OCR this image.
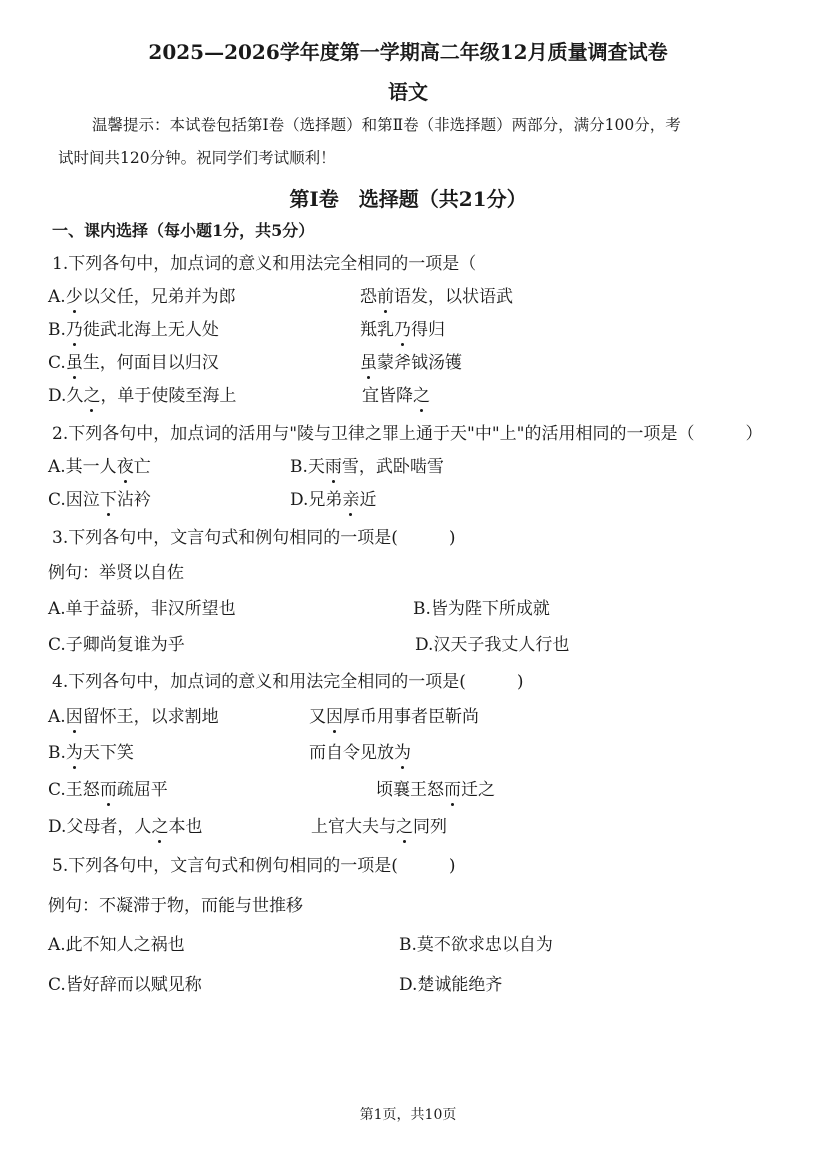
2025—2026学年度第一学期高二年级12月质量调查试卷
语文
温馨提示：本试卷包括第Ⅰ卷（选择题）和第Ⅱ卷（非选择题）两部分，满分100分，考
试时间共120分钟。祝同学们考试顺利！
第Ⅰ卷　选择题（共21分）
一、课内选择（每小题1分，共5分）
1.下列各句中，加点词的意义和用法完全相同的一项是（
A.少以父任，兄弟并为郎	恐前语发，以状语武
B.乃徙武北海上无人处	羝乳乃得归
C.虽生，何面目以归汉	虽蒙斧钺汤镬
D.久之，单于使陵至海上	宜皆降之
2.下列各句中，加点词的活用与"陵与卫律之罪上通于天"中"上"的活用相同的一项是（　　　）
A.其一人夜亡	B.天雨雪，武卧啮雪
C.因泣下沾衿	D.兄弟亲近
3.下列各句中，文言句式和例句相同的一项是(　　　)
例句：举贤以自佐
A.单于益骄，非汉所望也	B.皆为陛下所成就
C.子卿尚复谁为乎	D.汉天子我丈人行也
4.下列各句中，加点词的意义和用法完全相同的一项是(　　　)
A.因留怀王，以求割地	又因厚币用事者臣靳尚
B.为天下笑	而自令见放为
C.王怒而疏屈平	顷襄王怒而迁之
D.父母者，人之本也	上官大夫与之同列
5.下列各句中，文言句式和例句相同的一项是(　　　)
例句：不凝滞于物，而能与世推移
A.此不知人之祸也	B.莫不欲求忠以自为
C.皆好辞而以赋见称	D.楚诚能绝齐
第1页，共10页
